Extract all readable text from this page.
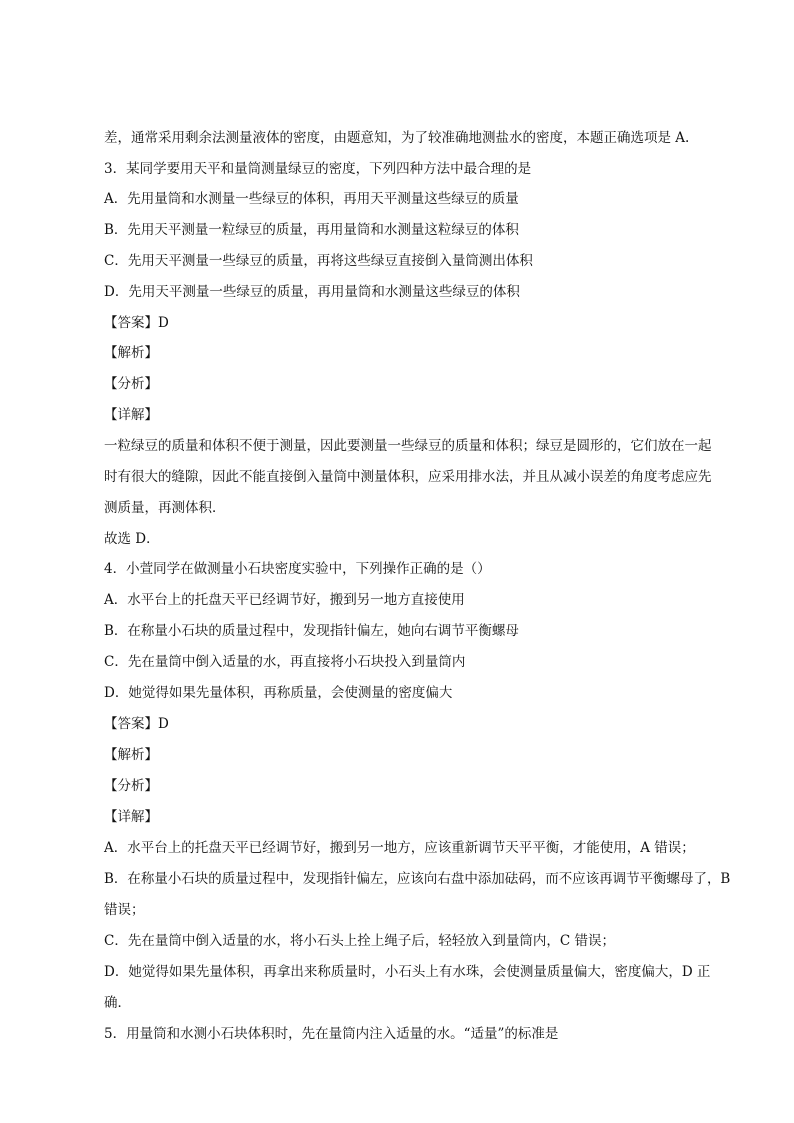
差，通常采用剩余法测量液体的密度，由题意知，为了较准确地测盐水的密度，本题正确选项是 A.
3．某同学要用天平和量筒测量绿豆的密度，下列四种方法中最合理的是
A．先用量筒和水测量一些绿豆的体积，再用天平测量这些绿豆的质量
B．先用天平测量一粒绿豆的质量，再用量筒和水测量这粒绿豆的体积
C．先用天平测量一些绿豆的质量，再将这些绿豆直接倒入量筒测出体积
D．先用天平测量一些绿豆的质量，再用量筒和水测量这些绿豆的体积
【答案】D
【解析】
【分析】
【详解】
一粒绿豆的质量和体积不便于测量，因此要测量一些绿豆的质量和体积；绿豆是圆形的，它们放在一起
时有很大的缝隙，因此不能直接倒入量筒中测量体积，应采用排水法，并且从减小误差的角度考虑应先
测质量，再测体积．
故选 D．
4．小萱同学在做测量小石块密度实验中，下列操作正确的是（）
A．水平台上的托盘天平已经调节好，搬到另一地方直接使用
B．在称量小石块的质量过程中，发现指针偏左，她向右调节平衡螺母
C．先在量筒中倒入适量的水，再直接将小石块投入到量筒内
D．她觉得如果先量体积，再称质量，会使测量的密度偏大
【答案】D
【解析】
【分析】
【详解】
A．水平台上的托盘天平已经调节好，搬到另一地方，应该重新调节天平平衡，才能使用，A 错误；
B．在称量小石块的质量过程中，发现指针偏左，应该向右盘中添加砝码，而不应该再调节平衡螺母了，B
错误；
C．先在量筒中倒入适量的水，将小石头上拴上绳子后，轻轻放入到量筒内，C 错误；
D．她觉得如果先量体积，再拿出来称质量时，小石头上有水珠，会使测量质量偏大，密度偏大，D 正
确．
5．用量筒和水测小石块体积时，先在量筒内注入适量的水。“适量”的标准是
